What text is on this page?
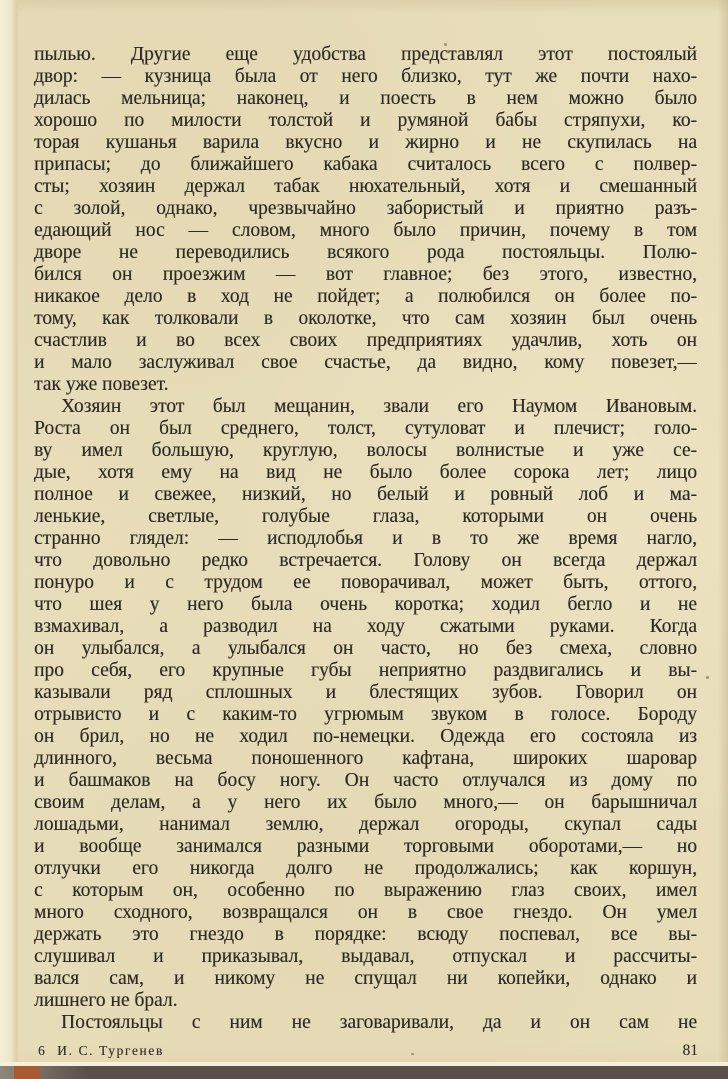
пылью. Другие еще удобства представлял этот постоялый
двор: — кузница была от него близко, тут же почти нахо-
дилась мельница; наконец, и поесть в нем можно было
хорошо по милости толстой и румяной бабы стряпухи, ко-
торая кушанья варила вкусно и жирно и не скупилась на
припасы; до ближайшего кабака считалось всего с полвер-
сты; хозяин держал табак нюхательный, хотя и смешанный
с золой, однако, чрезвычайно забористый и приятно разъ-
едающий нос — словом, много было причин, почему в том
дворе не переводились всякого рода постояльцы. Полю-
бился он проезжим — вот главное; без этого, известно,
никакое дело в ход не пойдет; а полюбился он более по-
тому, как толковали в околотке, что сам хозяин был очень
счастлив и во всех своих предприятиях удачлив, хоть он
и мало заслуживал свое счастье, да видно, кому повезет,—
так уже повезет.
Хозяин этот был мещанин, звали его Наумом Ивановым.
Роста он был среднего, толст, сутуловат и плечист; голо-
ву имел большую, круглую, волосы волнистые и уже се-
дые, хотя ему на вид не было более сорока лет; лицо
полное и свежее, низкий, но белый и ровный лоб и ма-
ленькие, светлые, голубые глаза, которыми он очень
странно глядел: — исподлобья и в то же время нагло,
что довольно редко встречается. Голову он всегда держал
понуро и с трудом ее поворачивал, может быть, оттого,
что шея у него была очень коротка; ходил бегло и не
взмахивал, а разводил на ходу сжатыми руками. Когда
он улыбался, а улыбался он часто, но без смеха, словно
про себя, его крупные губы неприятно раздвигались и вы-
казывали ряд сплошных и блестящих зубов. Говорил он
отрывисто и с каким-то угрюмым звуком в голосе. Бороду
он брил, но не ходил по-немецки. Одежда его состояла из
длинного, весьма поношенного кафтана, широких шаровар
и башмаков на босу ногу. Он часто отлучался из дому по
своим делам, а у него их было много,— он барышничал
лошадьми, нанимал землю, держал огороды, скупал сады
и вообще занимался разными торговыми оборотами,— но
отлучки его никогда долго не продолжались; как коршун,
с которым он, особенно по выражению глаз своих, имел
много сходного, возвращался он в свое гнездо. Он умел
держать это гнездо в порядке: всюду поспевал, все вы-
слушивал и приказывал, выдавал, отпускал и рассчиты-
вался сам, и никому не спущал ни копейки, однако и
лишнего не брал.
Постояльцы с ним не заговаривали, да и он сам не
6 И. С. Тургенев	81
